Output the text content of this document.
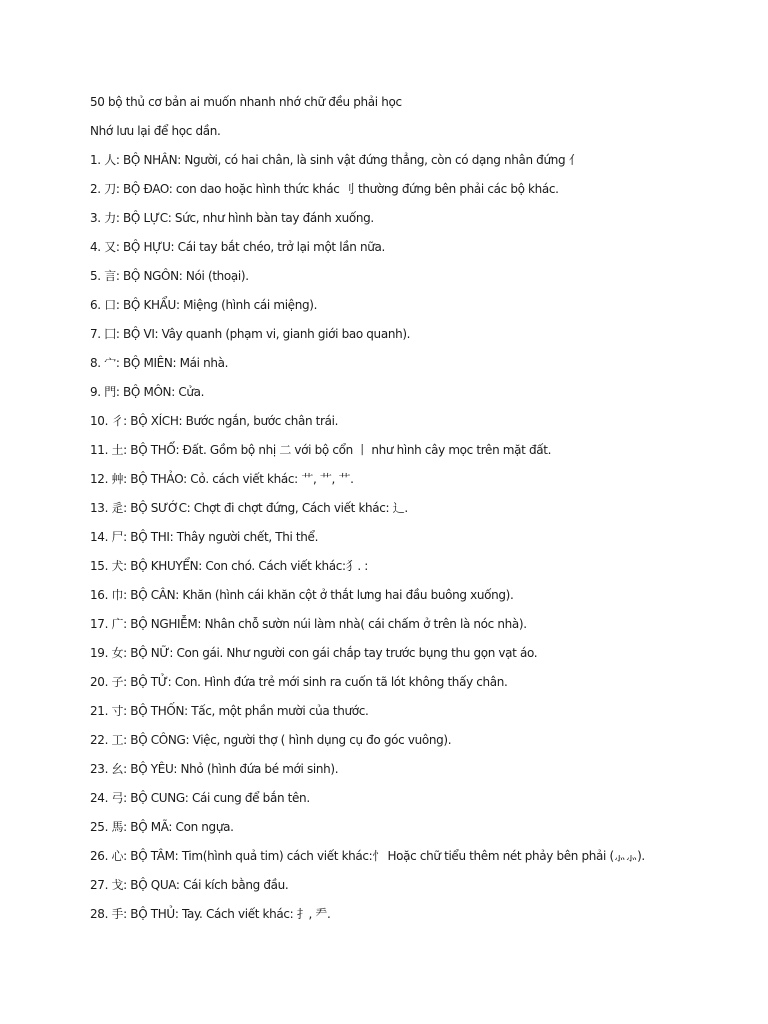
50 bộ thủ cơ bản ai muốn nhanh nhớ chữ đều phải học
Nhớ lưu lại để học dần.
1. 人: BỘ NHÂN: Người, có hai chân, là sinh vật đứng thẳng, còn có dạng nhân đứng 亻
2. 刀: BỘ ĐAO: con dao hoặc hình thức khác 刂 thường đứng bên phải các bộ khác.
3. 力: BỘ LỰC: Sức, như hình bàn tay đánh xuống.
4. 又: BỘ HỰU: Cái tay bắt chéo, trở lại một lần nữa.
5. 言: BỘ NGÔN: Nói (thoại).
6. 口: BỘ KHẨU: Miệng (hình cái miệng).
7. 囗: BỘ VI: Vây quanh (phạm vi, gianh giới bao quanh).
8. 宀: BỘ MIÊN: Mái nhà.
9. 門: BỘ MÔN: Cửa.
10. 彳: BỘ XÍCH: Bước ngắn, bước chân trái.
11. 土: BỘ THỔ: Đất. Gồm bộ nhị 二 với bộ cổn 丨 như hình cây mọc trên mặt đất.
12. 艸: BỘ THẢO: Cỏ. cách viết khác: 艹, 艹, 艹.
13. 辵: BỘ SƯỚC: Chợt đi chợt đứng, Cách viết khác: 辶.
14. 尸: BỘ THI: Thây người chết, Thi thể.
15. 犬: BỘ KHUYỂN: Con chó. Cách viết khác:犭. :
16. 巾: BỘ CÂN: Khăn (hình cái khăn cột ở thắt lưng hai đầu buông xuống).
17. 广: BỘ NGHIỄM: Nhân chỗ sườn núi làm nhà( cái chấm ở trên là nóc nhà).
19. 女: BỘ NỮ: Con gái. Như người con gái chắp tay trước bụng thu gọn vạt áo.
20. 子: BỘ TỬ: Con. Hình đứa trẻ mới sinh ra cuốn tã lót không thấy chân.
21. 寸: BỘ THỐN: Tấc, một phần mười của thước.
22. 工: BỘ CÔNG: Việc, người thợ ( hình dụng cụ đo góc vuông).
23. 幺: BỘ YÊU: Nhỏ (hình đứa bé mới sinh).
24. 弓: BỘ CUNG: Cái cung để bắn tên.
25. 馬: BỘ MÃ: Con ngựa.
26. 心: BỘ TÂM: Tim(hình quả tim) cách viết khác:忄 Hoặc chữ tiểu thêm nét phảy bên phải (⺗⺗).
27. 戈: BỘ QUA: Cái kích bằng đầu.
28. 手: BỘ THỦ: Tay. Cách viết khác: 扌, 龵.
